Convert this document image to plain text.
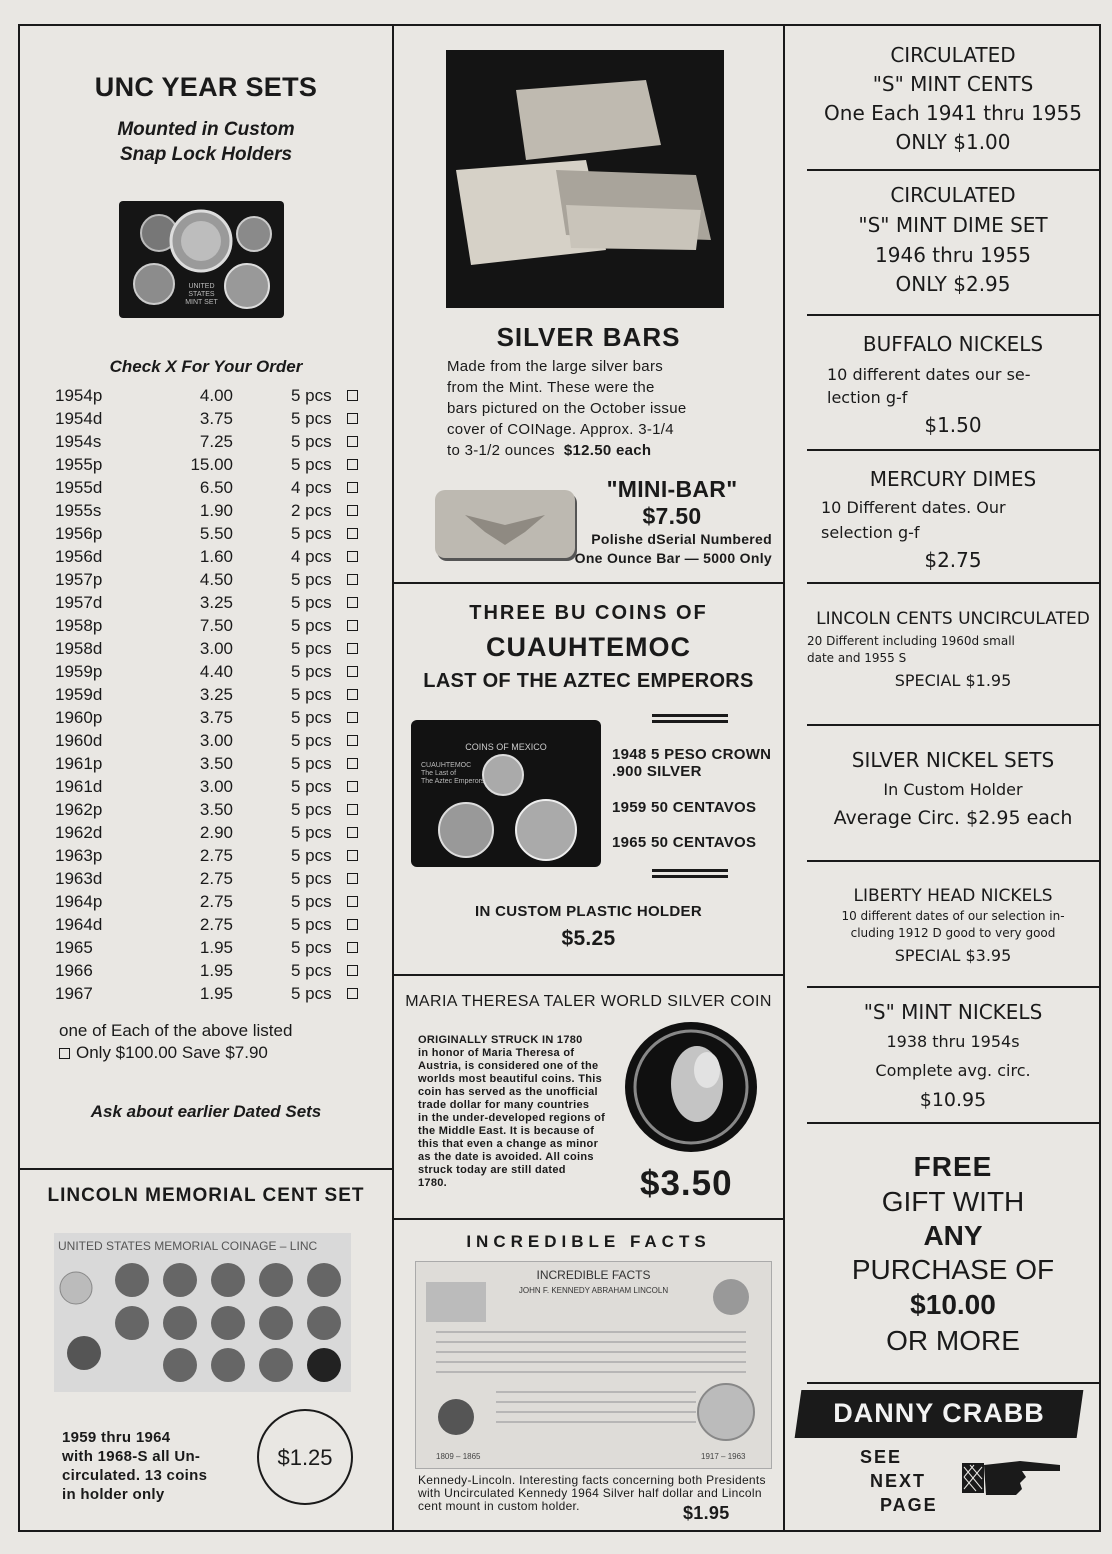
UNC YEAR SETS
Mounted in Custom
Snap Lock Holders
UNITED
STATES
MINT SET
Check X For Your Order
1954p	4.00	5 pcs
1954d	3.75	5 pcs
1954s	7.25	5 pcs
1955p	15.00	5 pcs
1955d	6.50	4 pcs
1955s	1.90	2 pcs
1956p	5.50	5 pcs
1956d	1.60	4 pcs
1957p	4.50	5 pcs
1957d	3.25	5 pcs
1958p	7.50	5 pcs
1958d	3.00	5 pcs
1959p	4.40	5 pcs
1959d	3.25	5 pcs
1960p	3.75	5 pcs
1960d	3.00	5 pcs
1961p	3.50	5 pcs
1961d	3.00	5 pcs
1962p	3.50	5 pcs
1962d	2.90	5 pcs
1963p	2.75	5 pcs
1963d	2.75	5 pcs
1964p	2.75	5 pcs
1964d	2.75	5 pcs
1965	1.95	5 pcs
1966	1.95	5 pcs
1967	1.95	5 pcs
one of Each of the above listed
Only $100.00 Save $7.90
Ask about earlier Dated Sets
LINCOLN MEMORIAL CENT SET
UNITED STATES MEMORIAL COINAGE – LINC
1959 thru 1964
with 1968-S all Un-
circulated. 13 coins
in holder only
$1.25
SILVER BARS
Made from the large silver bars
from the Mint. These were the
bars pictured on the October issue
cover of COINage. Approx. 3-1/4
to 3-1/2 ounces $12.50 each
"MINI-BAR"
$7.50
Polishe dSerial Numbered
One Ounce Bar — 5000 Only
THREE BU COINS OF
CUAUHTEMOC
LAST OF THE AZTEC EMPERORS
COINS OF MEXICO
CUAUHTEMOC
The Last of
The Aztec Emperors
1948 5 PESO CROWN
.900 SILVER
1959 50 CENTAVOS
1965 50 CENTAVOS
IN CUSTOM PLASTIC HOLDER
$5.25
MARIA THERESA TALER WORLD SILVER COIN
ORIGINALLY STRUCK IN 1780
in honor of Maria Theresa of
Austria, is considered one of the
worlds most beautiful coins. This
coin has served as the unofficial
trade dollar for many countries
in the under-developed regions of
the Middle East. It is because of
this that even a change as minor
as the date is avoided. All coins
struck today are still dated
1780.	$3.50
INCREDIBLE FACTS
INCREDIBLE FACTS
JOHN F. KENNEDY ABRAHAM LINCOLN
1809 – 1865	1917 – 1963
Kennedy-Lincoln. Interesting facts concerning both Presidents
with Uncirculated Kennedy 1964 Silver half dollar and Lincoln
cent mount in custom holder.	$1.95
CIRCULATED
"S" MINT CENTS
One Each 1941 thru 1955
ONLY $1.00
CIRCULATED
"S" MINT DIME SET
1946 thru 1955
ONLY $2.95
BUFFALO NICKELS
10 different dates our se-
lection g-f
$1.50
MERCURY DIMES
10 Different dates. Our
selection g-f
$2.75
LINCOLN CENTS UNCIRCULATED
20 Different including 1960d small
date and 1955 S
SPECIAL $1.95
SILVER NICKEL SETS
In Custom Holder
Average Circ. $2.95 each
LIBERTY HEAD NICKELS
10 different dates of our selection in-
cluding 1912 D good to very good
SPECIAL $3.95
"S" MINT NICKELS
1938 thru 1954s
Complete avg. circ.
$10.95
FREE
GIFT WITH
ANY
PURCHASE OF
$10.00
OR MORE
DANNY CRABB
SEE
NEXT
PAGE
